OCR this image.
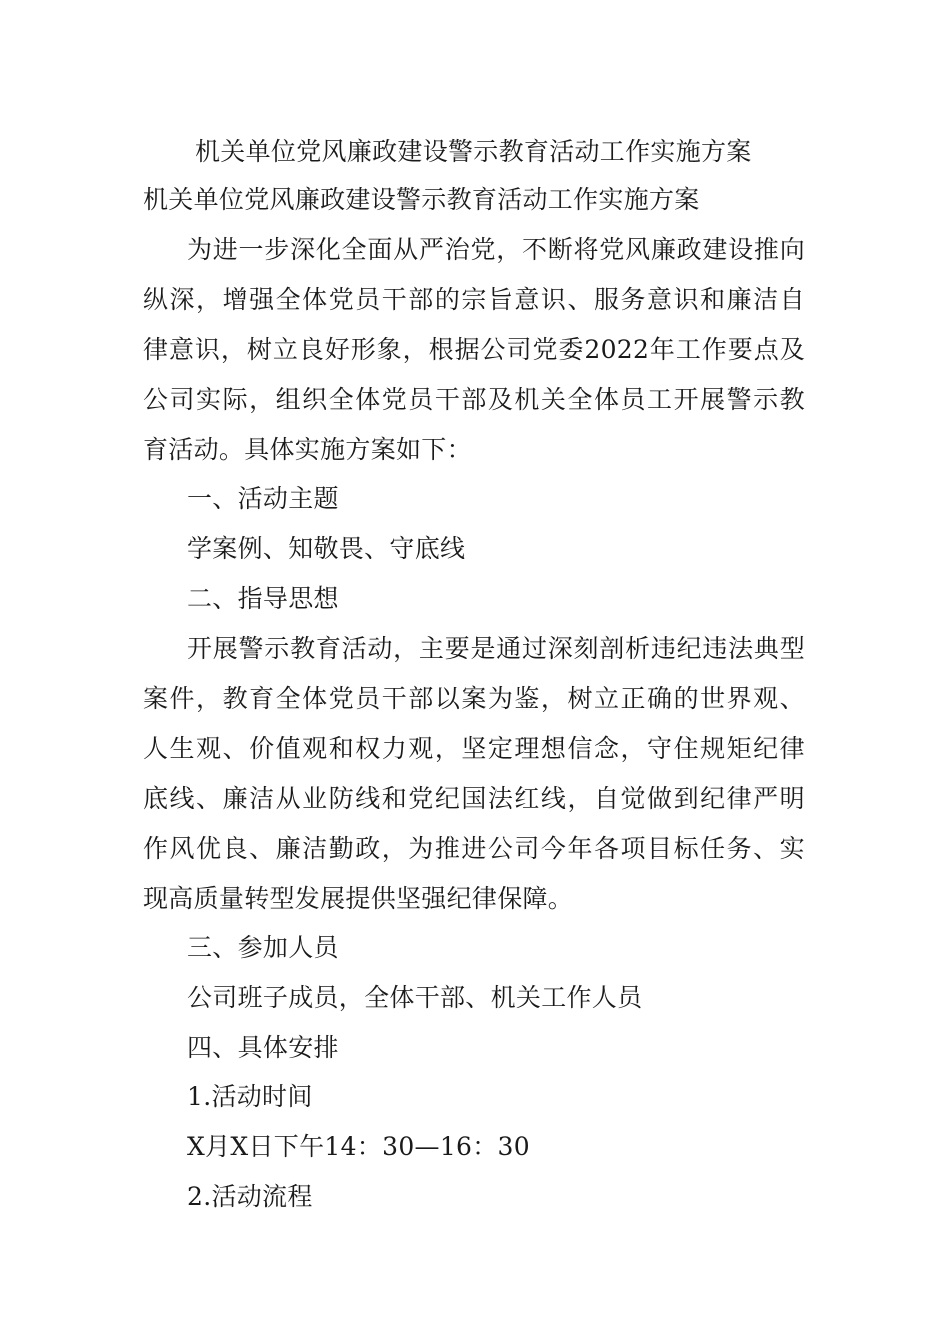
机关单位党风廉政建设警示教育活动工作实施方案
机关单位党风廉政建设警示教育活动工作实施方案
为进一步深化全面从严治党，不断将党风廉政建设推向
纵深，增强全体党员干部的宗旨意识、服务意识和廉洁自
律意识，树立良好形象，根据公司党委2022年工作要点及
公司实际，组织全体党员干部及机关全体员工开展警示教
育活动。具体实施方案如下：
一、活动主题
学案例、知敬畏、守底线
二、指导思想
开展警示教育活动，主要是通过深刻剖析违纪违法典型
案件，教育全体党员干部以案为鉴，树立正确的世界观、
人生观、价值观和权力观，坚定理想信念，守住规矩纪律
底线、廉洁从业防线和党纪国法红线，自觉做到纪律严明
作风优良、廉洁勤政，为推进公司今年各项目标任务、实
现高质量转型发展提供坚强纪律保障。
三、参加人员
公司班子成员，全体干部、机关工作人员
四、具体安排
1.活动时间
X月X日下午14：30—16：30
2.活动流程
